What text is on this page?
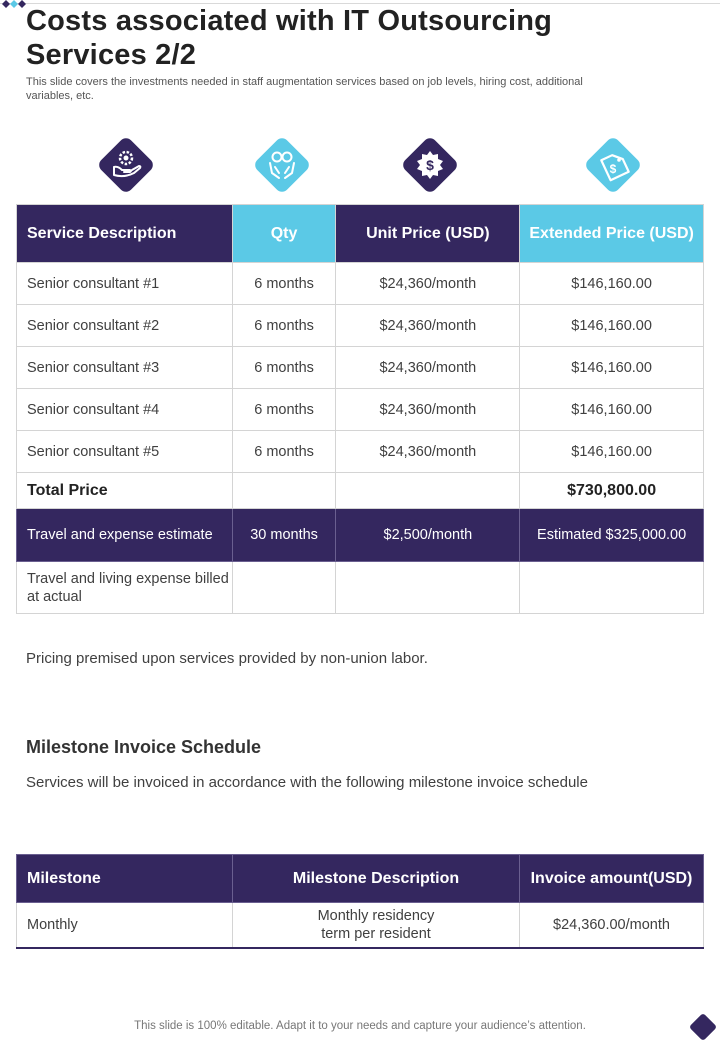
Costs associated with IT Outsourcing Services 2/2
This slide covers the investments needed in staff augmentation services based on job levels, hiring cost, additional variables, etc.
$	$
Service Description	Qty	Unit Price (USD)	Extended Price (USD)
Senior consultant #1	6 months	$24,360/month	$146,160.00
Senior consultant #2	6 months	$24,360/month	$146,160.00
Senior consultant #3	6 months	$24,360/month	$146,160.00
Senior consultant #4	6 months	$24,360/month	$146,160.00
Senior consultant #5	6 months	$24,360/month	$146,160.00
Total Price			$730,800.00
Travel and expense estimate	30 months	$2,500/month	Estimated $325,000.00
Travel and living expense billed at actual			
Pricing premised upon services provided by non-union labor.
Milestone Invoice Schedule
Services will be invoiced in accordance with the following milestone invoice schedule
Milestone	Milestone Description	Invoice amount(USD)
Monthly	Monthly residency term per resident	$24,360.00/month
This slide is 100% editable. Adapt it to your needs and capture your audience’s attention.
